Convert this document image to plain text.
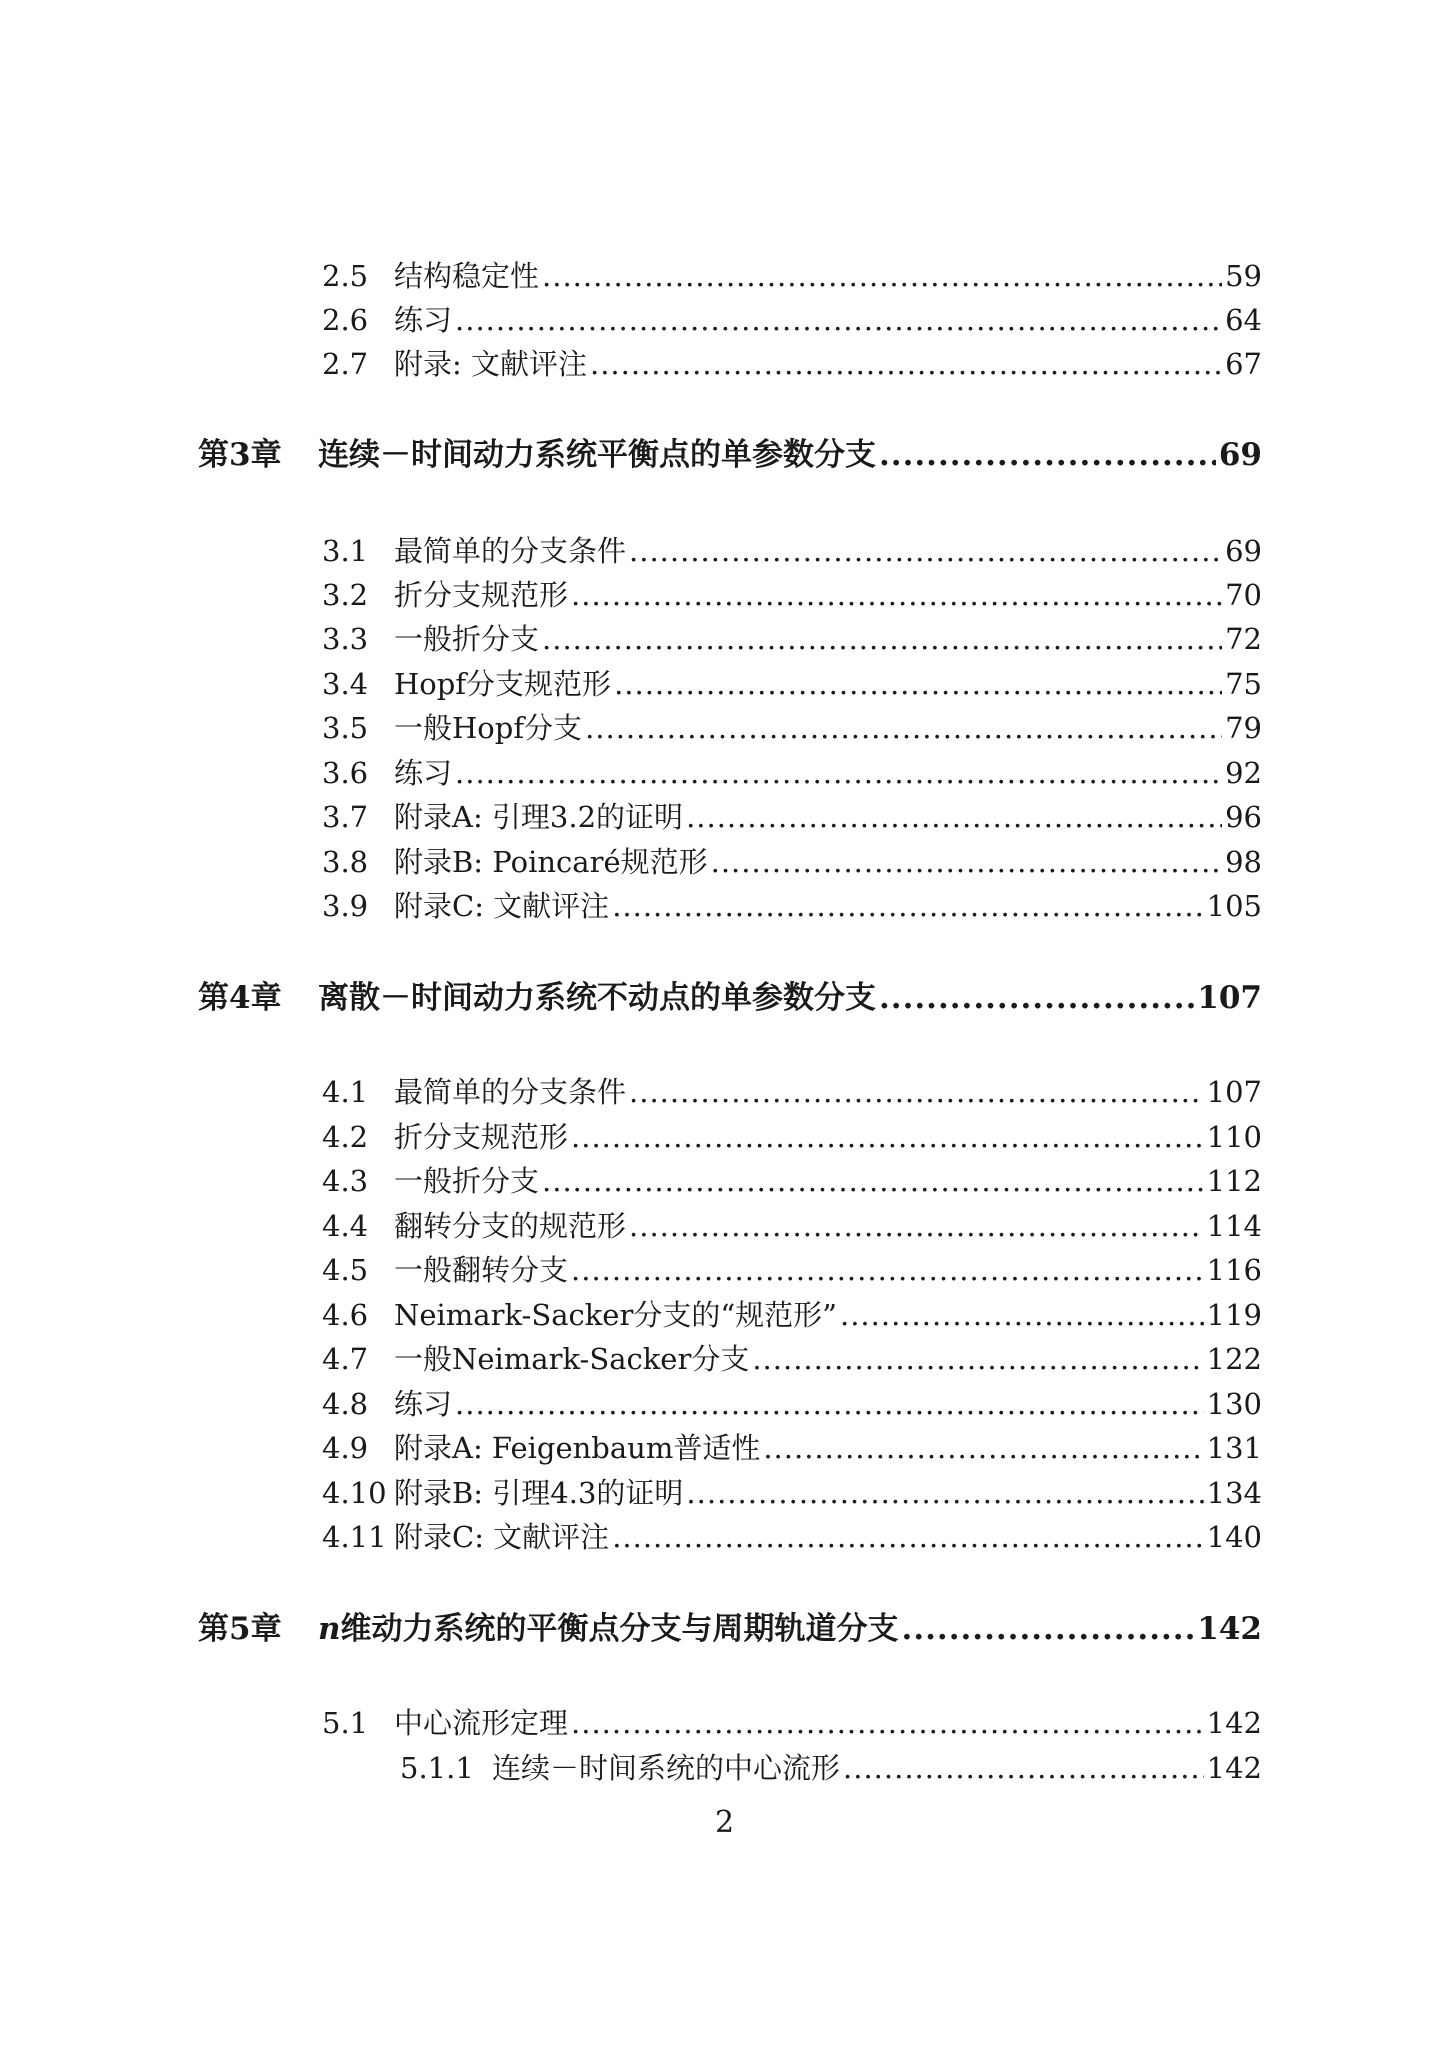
2.5 结构稳定性 .....	59
2.6 练习 .....	64
2.7 附录: 文献评注 .....	67
第3章	连续－时间动力系统平衡点的单参数分支 .....	69
3.1 最简单的分支条件 .....	69
3.2 折分支规范形 .....	70
3.3 一般折分支 .....	72
3.4 Hopf分支规范形 .....	75
3.5 一般Hopf分支 .....	79
3.6 练习 .....	92
3.7 附录A: 引理3.2的证明 .....	96
3.8 附录B: Poincaré规范形 .....	98
3.9 附录C: 文献评注 .....	105
第4章	离散－时间动力系统不动点的单参数分支 .....	107
4.1 最简单的分支条件 .....	107
4.2 折分支规范形 .....	110
4.3 一般折分支 .....	112
4.4 翻转分支的规范形 .....	114
4.5 一般翻转分支 .....	116
4.6 Neimark-Sacker分支的“规范形” .....	119
4.7 一般Neimark-Sacker分支 .....	122
4.8 练习 .....	130
4.9 附录A: Feigenbaum普适性 .....	131
4.10 附录B: 引理4.3的证明 .....	134
4.11 附录C: 文献评注 .....	140
第5章	n维动力系统的平衡点分支与周期轨道分支 .....	142
5.1 中心流形定理 .....	142
5.1.1 连续－时间系统的中心流形 .....	142
2
